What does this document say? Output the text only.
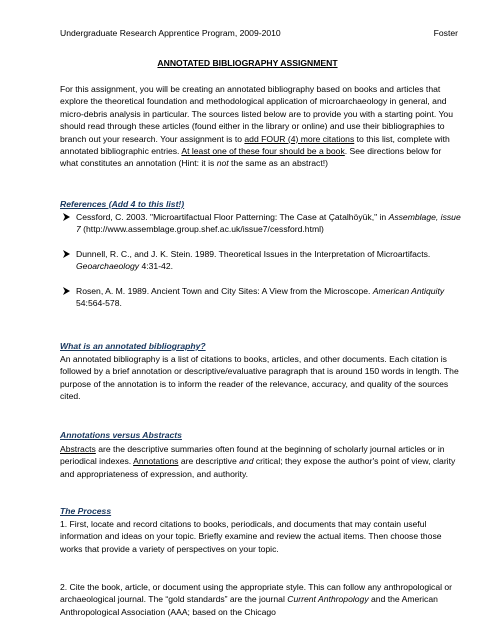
Undergraduate Research Apprentice Program, 2009-2010	Foster
ANNOTATED BIBLIOGRAPHY ASSIGNMENT
For this assignment, you will be creating an annotated bibliography based on books and articles that explore the theoretical foundation and methodological application of microarchaeology in general, and micro-debris analysis in particular. The sources listed below are to provide you with a starting point. You should read through these articles (found either in the library or online) and use their bibliographies to branch out your research. Your assignment is to add FOUR (4) more citations to this list, complete with annotated bibliographic entries. At least one of these four should be a book. See directions below for what constitutes an annotation (Hint: it is not the same as an abstract!)
References (Add 4 to this list!)
Cessford, C. 2003. "Microartifactual Floor Patterning: The Case at Çatalhöyük," in Assemblage, issue 7 (http://www.assemblage.group.shef.ac.uk/issue7/cessford.html)
Dunnell, R. C., and J. K. Stein. 1989. Theoretical Issues in the Interpretation of Microartifacts. Geoarchaeology 4:31-42.
Rosen, A. M. 1989. Ancient Town and City Sites: A View from the Microscope. American Antiquity 54:564-578.
What is an annotated bibliography?
An annotated bibliography is a list of citations to books, articles, and other documents. Each citation is followed by a brief annotation or descriptive/evaluative paragraph that is around 150 words in length. The purpose of the annotation is to inform the reader of the relevance, accuracy, and quality of the sources cited.
Annotations versus Abstracts
Abstracts are the descriptive summaries often found at the beginning of scholarly journal articles or in periodical indexes. Annotations are descriptive and critical; they expose the author's point of view, clarity and appropriateness of expression, and authority.
The Process
1. First, locate and record citations to books, periodicals, and documents that may contain useful information and ideas on your topic. Briefly examine and review the actual items. Then choose those works that provide a variety of perspectives on your topic.
2. Cite the book, article, or document using the appropriate style. This can follow any anthropological or archaeological journal. The “gold standards” are the journal Current Anthropology and the American Anthropological Association (AAA; based on the Chicago
